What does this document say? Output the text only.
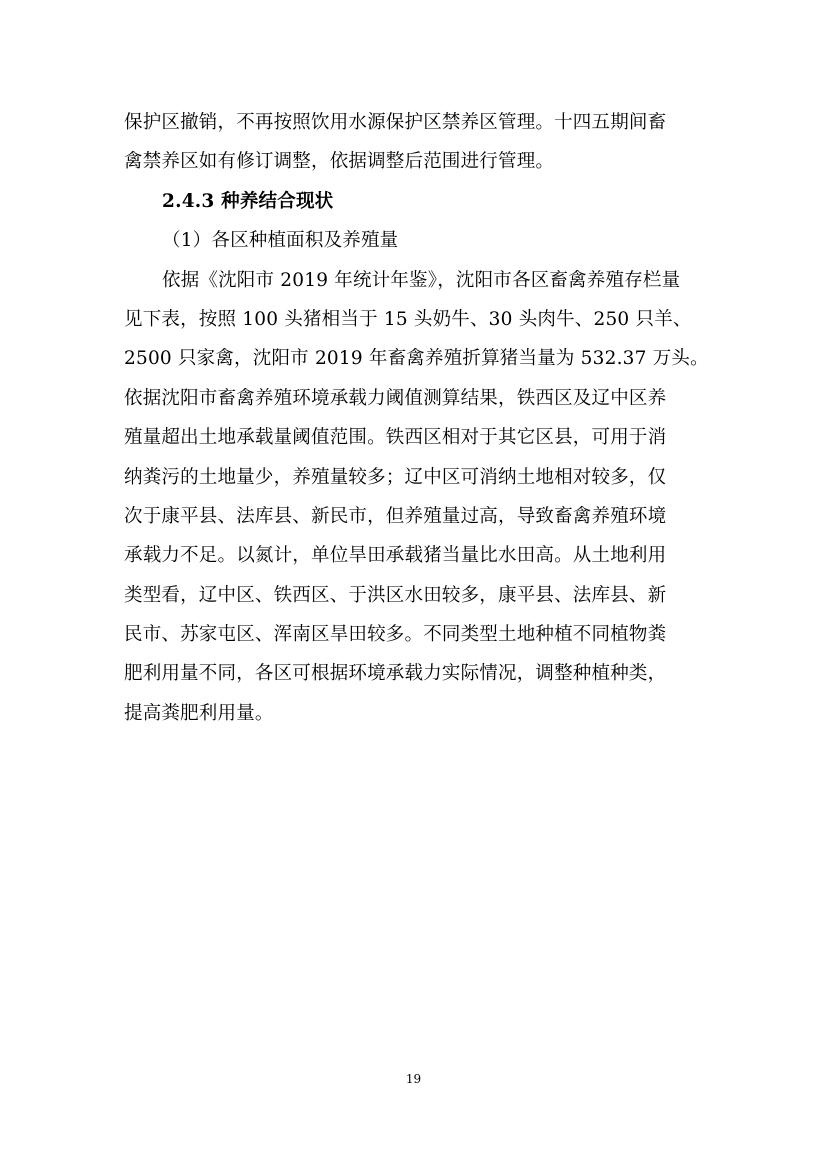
保护区撤销，不再按照饮用水源保护区禁养区管理。十四五期间畜
禽禁养区如有修订调整，依据调整后范围进行管理。
2.4.3 种养结合现状
（1）各区种植面积及养殖量
依据《沈阳市 2019 年统计年鉴》，沈阳市各区畜禽养殖存栏量
见下表，按照 100 头猪相当于 15 头奶牛、30 头肉牛、250 只羊、
2500 只家禽，沈阳市 2019 年畜禽养殖折算猪当量为 532.37 万头。
依据沈阳市畜禽养殖环境承载力阈值测算结果，铁西区及辽中区养
殖量超出土地承载量阈值范围。铁西区相对于其它区县，可用于消
纳粪污的土地量少，养殖量较多；辽中区可消纳土地相对较多，仅
次于康平县、法库县、新民市，但养殖量过高，导致畜禽养殖环境
承载力不足。以氮计，单位旱田承载猪当量比水田高。从土地利用
类型看，辽中区、铁西区、于洪区水田较多，康平县、法库县、新
民市、苏家屯区、浑南区旱田较多。不同类型土地种植不同植物粪
肥利用量不同，各区可根据环境承载力实际情况，调整种植种类，
提高粪肥利用量。
19
